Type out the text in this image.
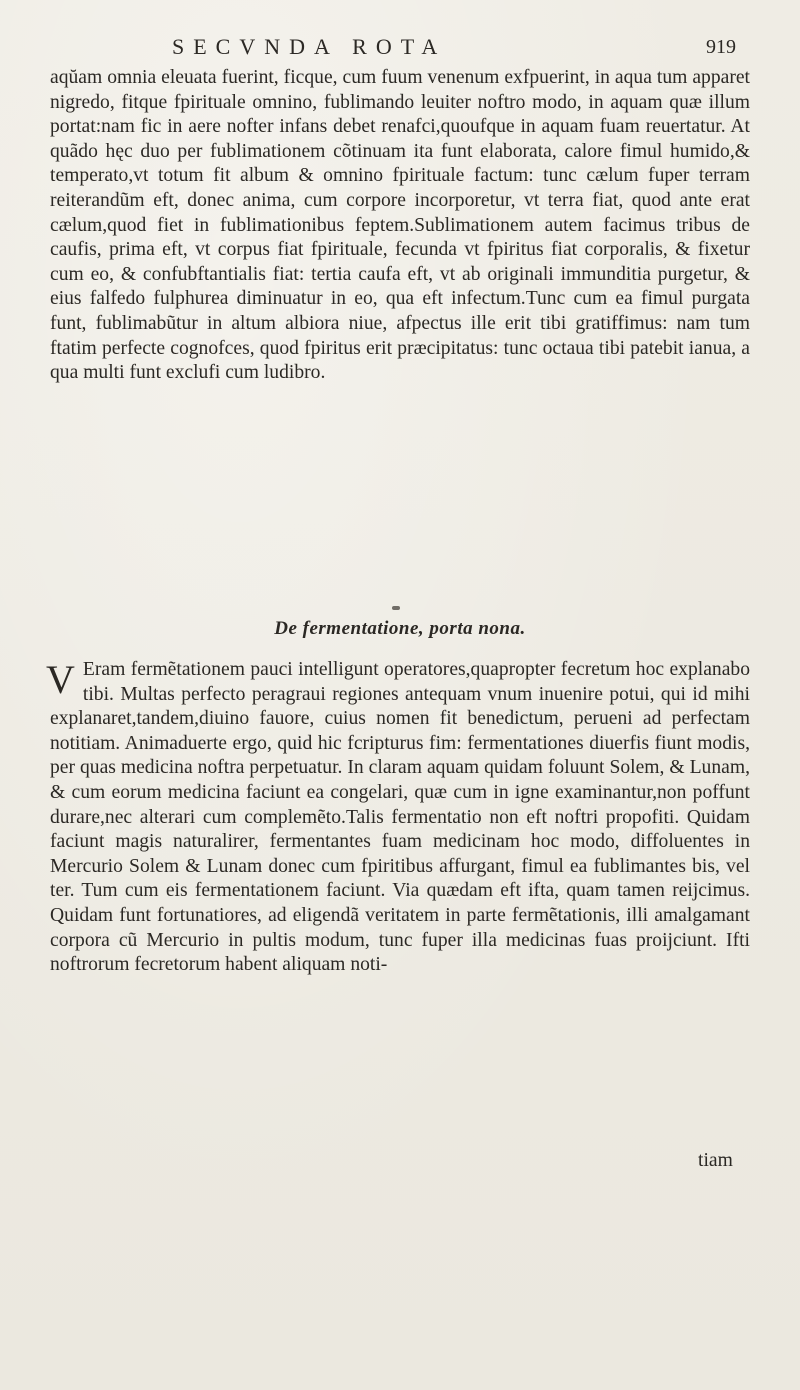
SECVNDA ROTA	919

aqŭam omnia eleuata fuerint, ficque, cum fuum venenum exfpuerint, in aqua tum apparet nigredo, fitque fpirituale omnino, fublimando leuiter noftro modo, in aquam quæ illum portat:nam fic in aere nofter infans debet renafci,quoufque in aquam fuam reuertatur. At quãdo hęc duo per fublimationem cõtinuam ita funt elaborata, calore fimul humido,& temperato,vt totum fit album & omnino fpirituale factum: tunc cælum fuper terram reiterandũm eft, donec anima, cum corpore incorporetur, vt terra fiat, quod ante erat cælum,quod fiet in fublimationibus feptem.Sublimationem autem facimus tribus de caufis, prima eft, vt corpus fiat fpirituale, fecunda vt fpiritus fiat corporalis, & fixetur cum eo, & confubftantialis fiat: tertia caufa eft, vt ab originali immunditia purgetur, & eius falfedo fulphurea diminuatur in eo, qua eft infectum.Tunc cum ea fimul purgata funt, fublimabũtur in altum albiora niue, afpectus ille erit tibi gratiffimus: nam tum ftatim perfecte cognofces, quod fpiritus erit præcipitatus: tunc octaua tibi patebit ianua, a qua multi funt exclufi cum ludibro.

De fermentatione, porta nona.

V Eram fermẽtationem pauci intelligunt operatores,quapropter fecretum hoc explanabo tibi. Multas perfecto peragraui regiones antequam vnum inuenire potui, qui id mihi explanaret,tandem,diuino fauore, cuius nomen fit benedictum, perueni ad perfectam notitiam. Animaduerte ergo, quid hic fcripturus fim: fermentationes diuerfis fiunt modis, per quas medicina noftra perpetuatur. In claram aquam quidam foluunt Solem, & Lunam, & cum eorum medicina faciunt ea congelari, quæ cum in igne examinantur,non poffunt durare,nec alterari cum complemẽto.Talis fermentatio non eft noftri propofiti. Quidam faciunt magis naturalirer, fermentantes fuam medicinam hoc modo, diffoluentes in Mercurio Solem & Lunam donec cum fpiritibus affurgant, fimul ea fublimantes bis, vel ter. Tum cum eis fermentationem faciunt. Via quædam eft ifta, quam tamen reijcimus. Quidam funt fortunatiores, ad eligendã veritatem in parte fermẽtationis, illi amalgamant corpora cũ Mercurio in pultis modum, tunc fuper illa medicinas fuas proijciunt. Ifti noftrorum fecretorum habent aliquam noti-

tiam
